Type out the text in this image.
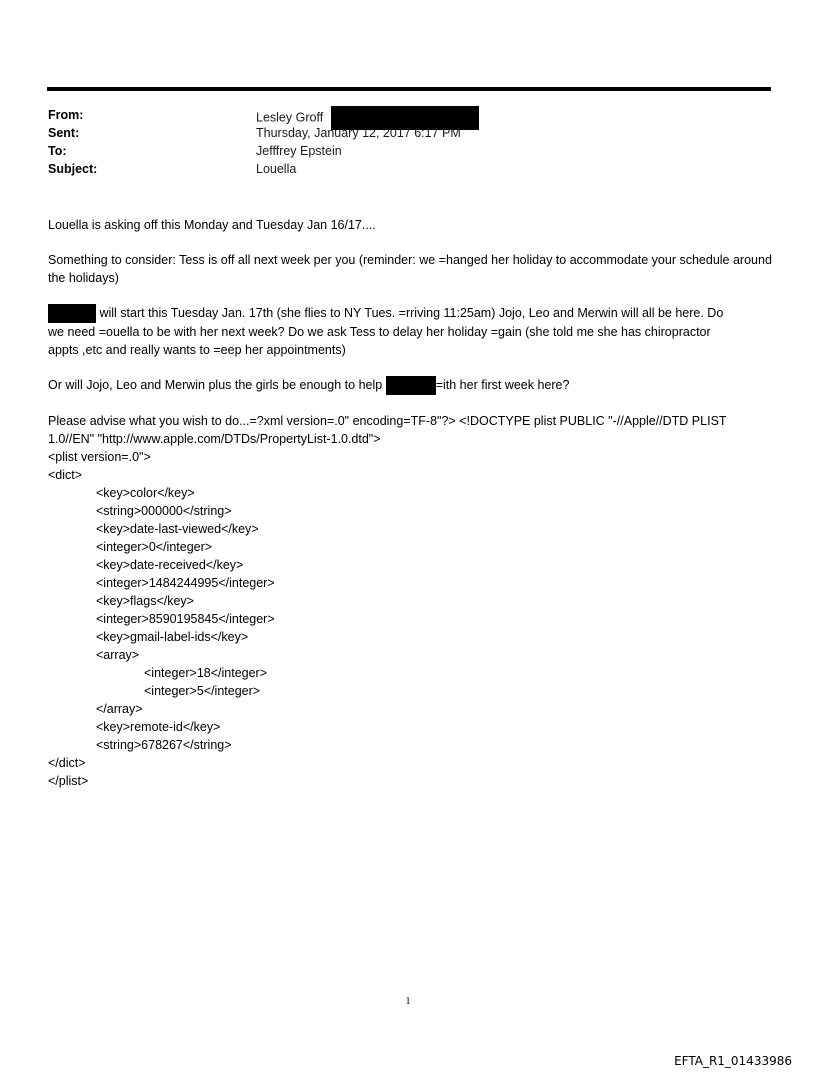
From:	Lesley Groff
Sent:	Thursday, January 12, 2017 6:17 PM
To:	Jefffrey Epstein
Subject:	Louella

Louella is asking off this Monday and Tuesday Jan 16/17....

Something to consider: Tess is off all next week per you (reminder: we =hanged her holiday to accommodate your schedule around the holidays)

will start this Tuesday Jan. 17th (she flies to NY Tues. =rriving 11:25am) Jojo, Leo and Merwin will all be here. Do
we need =ouella to be with her next week? Do we ask Tess to delay her holiday =gain (she told me she has chiropractor
appts ,etc and really wants to =eep her appointments)

Or will Jojo, Leo and Merwin plus the girls be enough to help	=ith her first week here?

Please advise what you wish to do...=?xml version=.0" encoding=TF-8"?> <!DOCTYPE plist PUBLIC "-//Apple//DTD PLIST
1.0//EN" "http://www.apple.com/DTDs/PropertyList-1.0.dtd">

<plist version=.0">
<dict>
<key>color</key>
<string>000000</string>
<key>date-last-viewed</key>
<integer>0</integer>
<key>date-received</key>
<integer>1484244995</integer>
<key>flags</key>
<integer>8590195845</integer>
<key>gmail-label-ids</key>
<array>
<integer>18</integer>
<integer>5</integer>
</array>
<key>remote-id</key>
<string>678267</string>
</dict>
</plist>
1
EFTA_R1_01433986
